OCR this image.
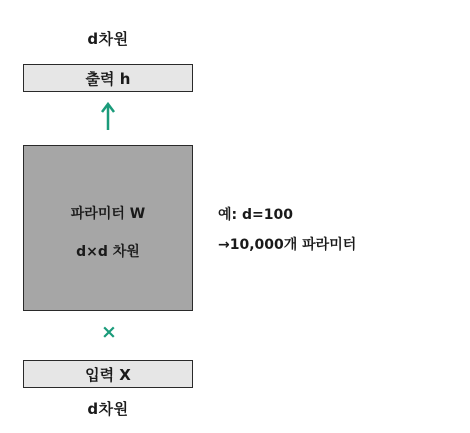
d차원
출력 h
파라미터 W
d×d 차원
예: d=100
→10,000개 파라미터
×
입력 X
d차원
